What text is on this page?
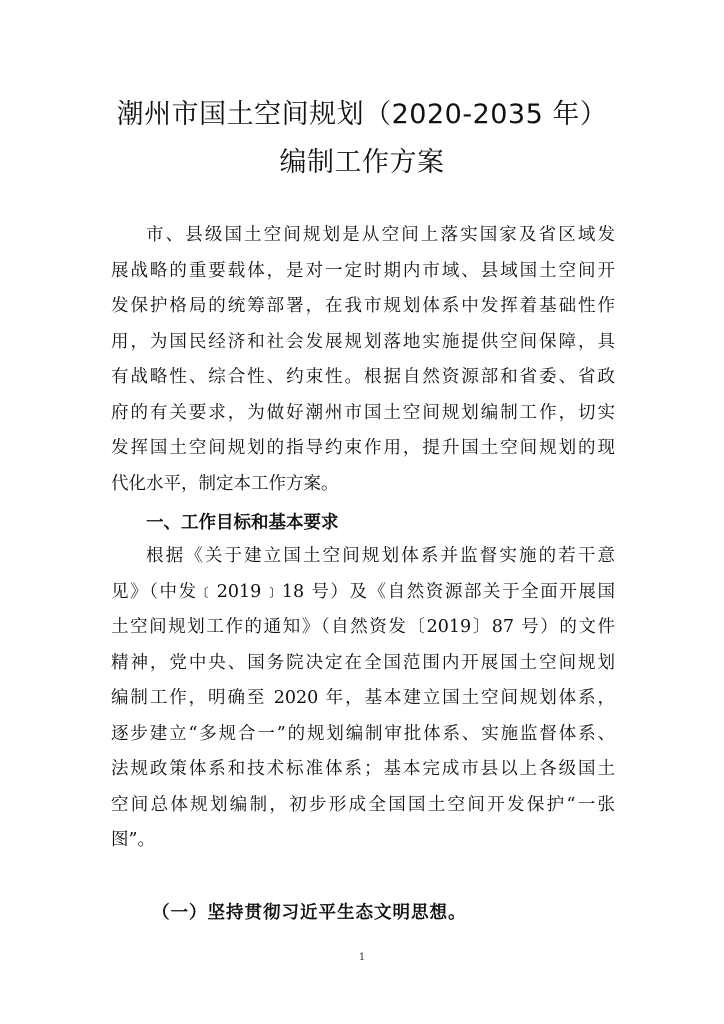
潮州市国土空间规划（2020-2035 年）
编制工作方案
市、县级国土空间规划是从空间上落实国家及省区域发
展战略的重要载体，是对一定时期内市域、县域国土空间开
发保护格局的统筹部署，在我市规划体系中发挥着基础性作
用，为国民经济和社会发展规划落地实施提供空间保障，具
有战略性、综合性、约束性。根据自然资源部和省委、省政
府的有关要求，为做好潮州市国土空间规划编制工作，切实
发挥国土空间规划的指导约束作用，提升国土空间规划的现
代化水平，制定本工作方案。
一、工作目标和基本要求
根据《关于建立国土空间规划体系并监督实施的若干意
见》（中发﹝2019﹞18 号）及《自然资源部关于全面开展国
土空间规划工作的通知》（自然资发〔2019〕87 号）的文件
精神，党中央、国务院决定在全国范围内开展国土空间规划
编制工作，明确至 2020 年，基本建立国土空间规划体系，
逐步建立“多规合一”的规划编制审批体系、实施监督体系、
法规政策体系和技术标准体系；基本完成市县以上各级国土
空间总体规划编制，初步形成全国国土空间开发保护“一张
图”。
（一）坚持贯彻习近平生态文明思想。
1
